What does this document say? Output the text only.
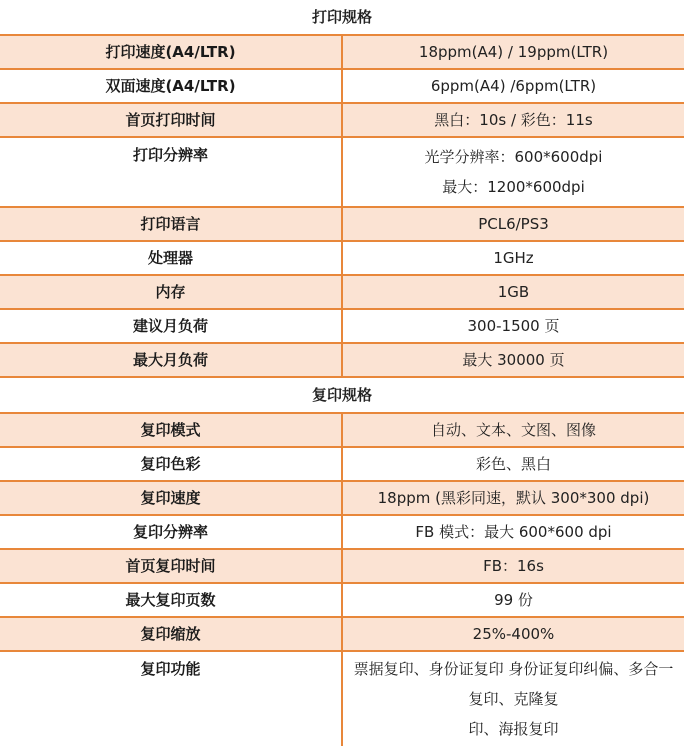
打印规格	
打印速度(A4/LTR)	18ppm(A4) / 19ppm(LTR)
双面速度(A4/LTR)	6ppm(A4) /6ppm(LTR)
首页打印时间	黑白：10s / 彩色：11s
打印分辨率	光学分辨率：600*600dpi
最大：1200*600dpi

打印语言	PCL6/PS3
处理器	1GHz
内存	1GB
建议月负荷	300-1500 页
最大月负荷	最大 30000 页
复印规格	
复印模式	自动、文本、文图、图像
复印色彩	彩色、黑白
复印速度	18ppm (黑彩同速，默认 300*300 dpi)
复印分辨率	FB 模式：最大 600*600 dpi
首页复印时间	FB：16s
最大复印页数	99 份
复印缩放	25%-400%
复印功能	票据复印、身份证复印 身份证复印纠偏、多合一复印、克隆复
印、海报复印
